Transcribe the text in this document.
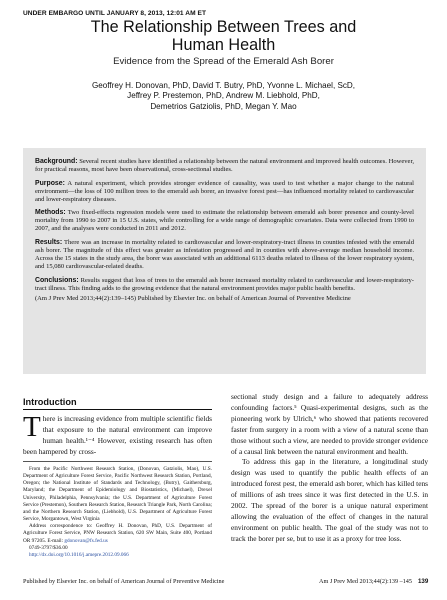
UNDER EMBARGO UNTIL JANUARY 8, 2013, 12:01 AM ET
The Relationship Between Trees and
Human Health
Evidence from the Spread of the Emerald Ash Borer
Geoffrey H. Donovan, PhD, David T. Butry, PhD, Yvonne L. Michael, ScD,
Jeffrey P. Prestemon, PhD, Andrew M. Liebhold, PhD,
Demetrios Gatziolis, PhD, Megan Y. Mao
Background: Several recent studies have identified a relationship between the natural environment and improved health outcomes. However, for practical reasons, most have been observational, cross-sectional studies.
Purpose: A natural experiment, which provides stronger evidence of causality, was used to test whether a major change to the natural environment—the loss of 100 million trees to the emerald ash borer, an invasive forest pest—has influenced mortality related to cardiovascular and lower-respiratory diseases.
Methods: Two fixed-effects regression models were used to estimate the relationship between emerald ash borer presence and county-level mortality from 1990 to 2007 in 15 U.S. states, while controlling for a wide range of demographic covariates. Data were collected from 1990 to 2007, and the analyses were conducted in 2011 and 2012.
Results: There was an increase in mortality related to cardiovascular and lower-respiratory-tract illness in counties infested with the emerald ash borer. The magnitude of this effect was greater as infestation progressed and in counties with above-average median household income. Across the 15 states in the study area, the borer was associated with an additional 6113 deaths related to illness of the lower respiratory system, and 15,080 cardiovascular-related deaths.
Conclusions: Results suggest that loss of trees to the emerald ash borer increased mortality related to cardiovascular and lower-respiratory-tract illness. This finding adds to the growing evidence that the natural environment provides major public health benefits.
(Am J Prev Med 2013;44(2):139–145) Published by Elsevier Inc. on behalf of American Journal of Preventive Medicine
Introduction
There is increasing evidence from multiple scientific fields that exposure to the natural environment can improve human health.¹⁻⁴ However, existing research has often been hampered by cross-
From the Pacific Northwest Research Station, (Donovan, Gatziolis, Mao), U.S. Department of Agriculture Forest Service, Pacific Northwest Research Station, Portland, Oregon; the National Institute of Standards and Technology, (Butry), Gaithersburg, Maryland; the Department of Epidemiology and Biostatistics, (Michael), Drexel University, Philadelphia, Pennsylvania; the U.S. Department of Agriculture Forest Service (Prestemon), Southern Research Station, Research Triangle Park, North Carolina; and the Northern Research Station, (Liebhold), U.S. Department of Agriculture Forest Service, Morgantown, West Virginia
Address correspondence to: Geoffrey H. Donovan, PhD, U.S. Department of Agriculture Forest Service, PNW Research Station, 620 SW Main, Suite 400, Portland OR 97205. E-mail: gdonovan@fs.fed.us
0749-3797/$36.00
http://dx.doi.org/10.1016/j.amepre.2012.09.066
sectional study design and a failure to adequately address confounding factors.⁵ Quasi-experimental designs, such as the pioneering work by Ulrich,⁶ who showed that patients recovered faster from surgery in a room with a view of a natural scene than those without such a view, are needed to provide stronger evidence of a causal link between the natural environment and health.
To address this gap in the literature, a longitudinal study design was used to quantify the public health effects of an introduced forest pest, the emerald ash borer, which has killed tens of millions of ash trees since it was first detected in the U.S. in 2002. The spread of the borer is a unique natural experiment allowing the evaluation of the effect of changes in the natural environment on public health. The goal of the study was not to track the borer per se, but to use it as a proxy for tree loss.
Published by Elsevier Inc. on behalf of American Journal of Preventive Medicine	Am J Prev Med 2013;44(2):139 –145 139
